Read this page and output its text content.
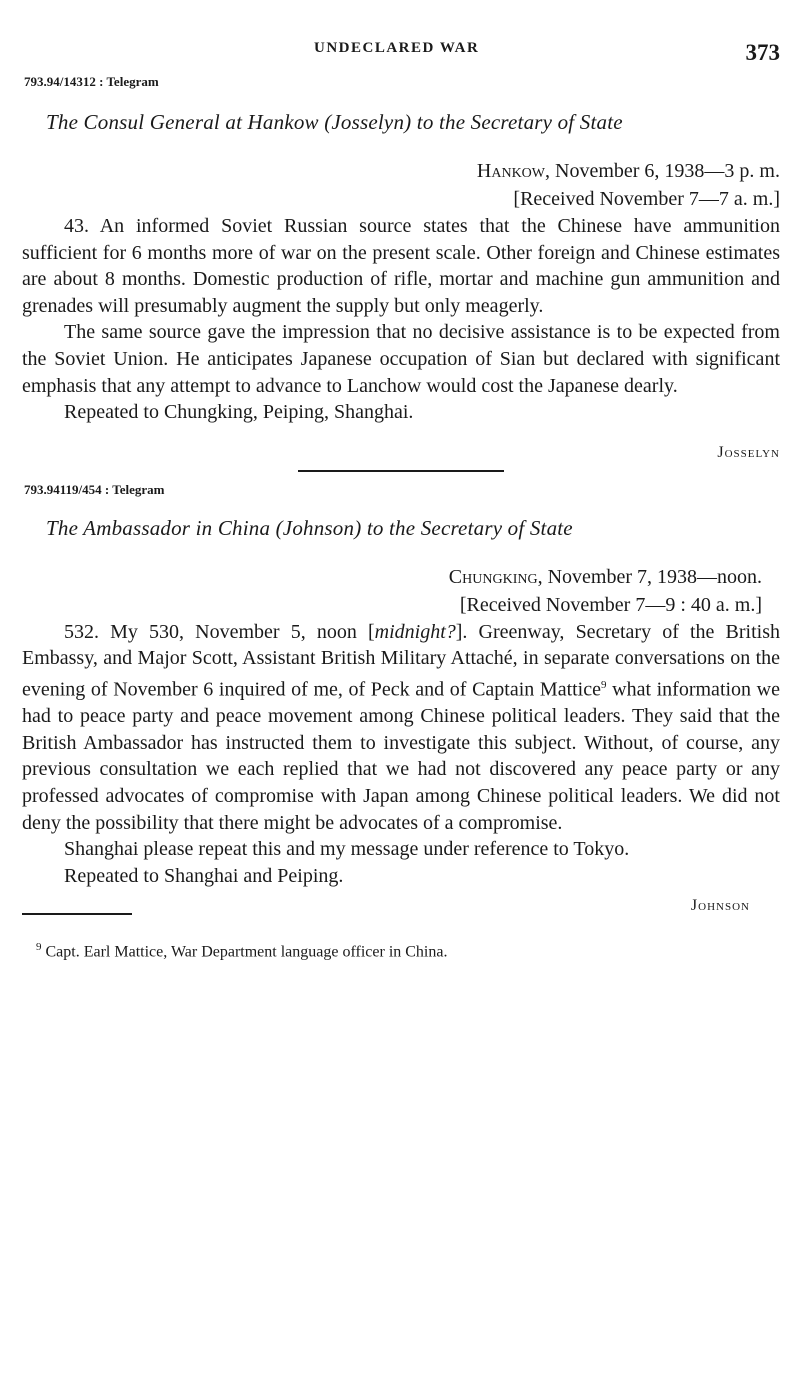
UNDECLARED WAR	373
793.94/14312 : Telegram
The Consul General at Hankow (Josselyn) to the Secretary of State
Hankow, November 6, 1938—3 p. m.
[Received November 7—7 a. m.]

43. An informed Soviet Russian source states that the Chinese have ammunition sufficient for 6 months more of war on the present scale. Other foreign and Chinese estimates are about 8 months. Domestic production of rifle, mortar and machine gun ammunition and grenades will presumably augment the supply but only meagerly.

The same source gave the impression that no decisive assistance is to be expected from the Soviet Union. He anticipates Japanese occupation of Sian but declared with significant emphasis that any attempt to advance to Lanchow would cost the Japanese dearly.

Repeated to Chungking, Peiping, Shanghai.

Josselyn
793.94119/454 : Telegram
The Ambassador in China (Johnson) to the Secretary of State
Chungking, November 7, 1938—noon.
[Received November 7—9 : 40 a. m.]

532. My 530, November 5, noon [midnight?]. Greenway, Secretary of the British Embassy, and Major Scott, Assistant British Military Attaché, in separate conversations on the evening of November 6 inquired of me, of Peck and of Captain Mattice$^9$ what information we had to peace party and peace movement among Chinese political leaders. They said that the British Ambassador has instructed them to investigate this subject. Without, of course, any previous consultation we each replied that we had not discovered any peace party or any professed advocates of compromise with Japan among Chinese political leaders. We did not deny the possibility that there might be advocates of a compromise.

Shanghai please repeat this and my message under reference to Tokyo.

Repeated to Shanghai and Peiping.

Johnson
$^9$ Capt. Earl Mattice, War Department language officer in China.
